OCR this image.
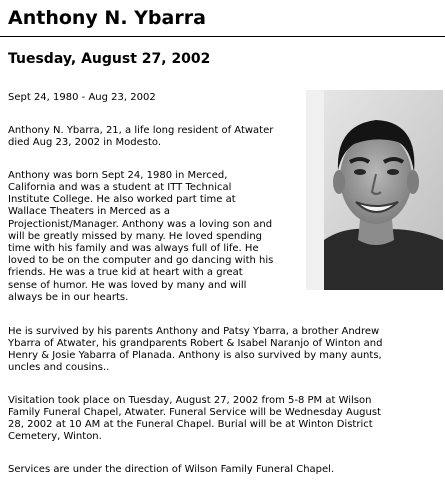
Anthony N. Ybarra
Tuesday, August 27, 2002

Sept 24, 1980 - Aug 23, 2002

Anthony N. Ybarra, 21, a life long resident of Atwater

died Aug 23, 2002 in Modesto.

Anthony was born Sept 24, 1980 in Merced,

California and was a student at ITT Technical

Institute College. He also worked part time at

Wallace Theaters in Merced as a

Projectionist/Manager. Anthony was a loving son and

will be greatly missed by many. He loved spending

time with his family and was always full of life. He

loved to be on the computer and go dancing with his

friends. He was a true kid at heart with a great

sense of humor. He was loved by many and will

always be in our hearts.

He is survived by his parents Anthony and Patsy Ybarra, a brother Andrew

Ybarra of Atwater, his grandparents Robert & Isabel Naranjo of Winton and

Henry & Josie Yabarra of Planada. Anthony is also survived by many aunts,

uncles and cousins..

Visitation took place on Tuesday, August 27, 2002 from 5-8 PM at Wilson

Family Funeral Chapel, Atwater. Funeral Service will be Wednesday August

28, 2002 at 10 AM at the Funeral Chapel. Burial will be at Winton District

Cemetery, Winton.

Services are under the direction of Wilson Family Funeral Chapel.
